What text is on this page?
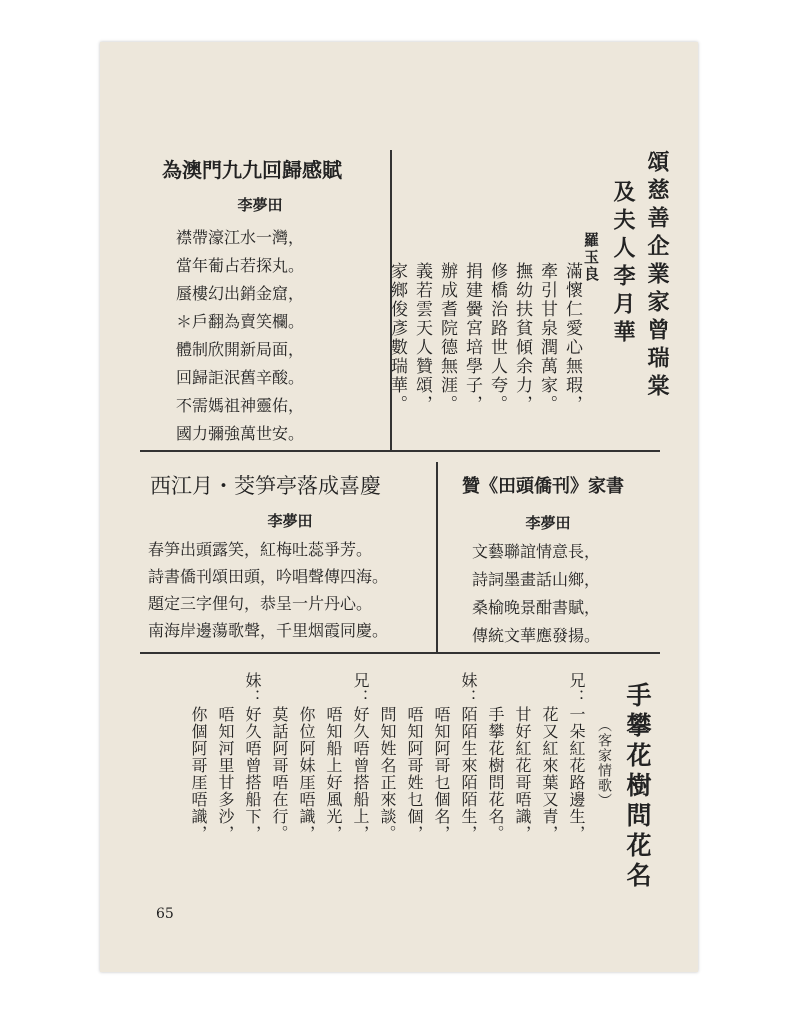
頌慈善企業家曾瑞棠
及夫人李月華
羅玉良
滿懷仁愛心無瑕，
牽引甘泉潤萬家。
撫幼扶貧傾余力，
修橋治路世人夸。
捐建黌宮培學子，
辦成耆院德無涯。
義若雲天人贊頌，
家鄉俊彥數瑞華。
為澳門九九回歸感賦
李夢田
襟帶濠江水一灣，
當年葡占若探丸。
蜃樓幻出銷金窟，
＊戶翻為賣笑欄。
體制欣開新局面，
回歸詎泯舊辛酸。
不需媽祖神靈佑，
國力彌強萬世安。
西江月・茭笋亭落成喜慶
李夢田
春笋出頭露笑，紅梅吐蕊爭芳。
詩書僑刊頌田頭，吟唱聲傳四海。
題定三字俚句，恭呈一片丹心。
南海岸邊蕩歌聲，千里烟霞同慶。
贊《田頭僑刊》家書
李夢田
文藝聯誼情意長，
詩詞墨畫話山鄉，
桑榆晚景酣書賦，
傳統文華應發揚。
手攀花樹問花名
（客家情歌）
兄：一朵紅花路邊生，
　　花又紅來葉又青，
　　甘好紅花哥唔識，
　　手攀花樹問花名。
妹：陌陌生來陌陌生，
　　唔知阿哥乜個名，
　　唔知阿哥姓乜個，
　　問知姓名正來談。
兄：好久唔曾搭船上，
　　唔知船上好風光，
　　你位阿妹厓唔識，
　　莫話阿哥唔在行。
妹：好久唔曾搭船下，
　　唔知河里甘多沙，
　　你個阿哥厓唔識，
65
